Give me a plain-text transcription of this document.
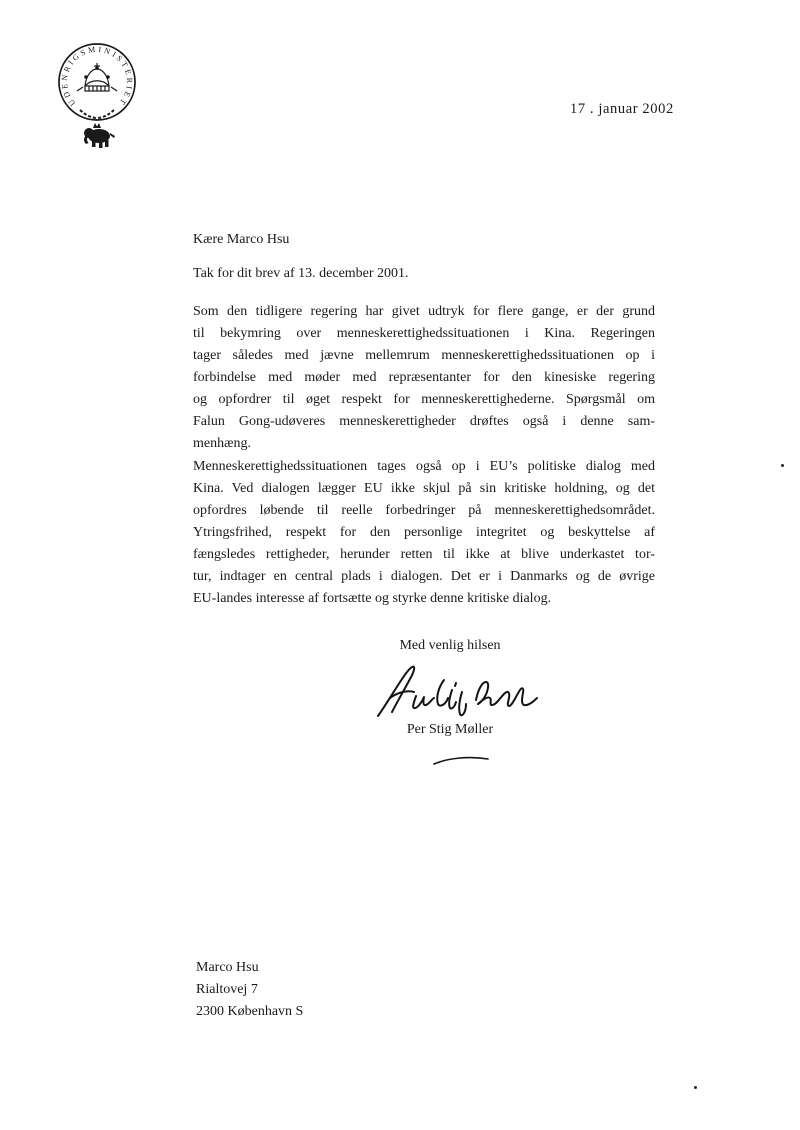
UDENRIGSMINISTERIET	17 . januar 2002
Kære Marco Hsu
Tak for dit brev af 13. december 2001.
Som den tidligere regering har givet udtryk for flere gange, er der grund
til bekymring over menneskerettighedssituationen i Kina. Regeringen
tager således med jævne mellemrum menneskerettighedssituationen op i
forbindelse med møder med repræsentanter for den kinesiske regering
og opfordrer til øget respekt for menneskerettighederne. Spørgsmål om
Falun Gong-udøveres menneskerettigheder drøftes også i denne sam-
menhæng.
Menneskerettighedssituationen tages også op i EU’s politiske dialog med
Kina. Ved dialogen lægger EU ikke skjul på sin kritiske holdning, og det
opfordres løbende til reelle forbedringer på menneskerettighedsområdet.
Ytringsfrihed, respekt for den personlige integritet og beskyttelse af
fængsledes rettigheder, herunder retten til ikke at blive underkastet tor-
tur, indtager en central plads i dialogen. Det er i Danmarks og de øvrige
EU-landes interesse af fortsætte og styrke denne kritiske dialog.
Med venlig hilsen
Per Stig Møller
Marco Hsu
Rialtovej 7
2300 København S
